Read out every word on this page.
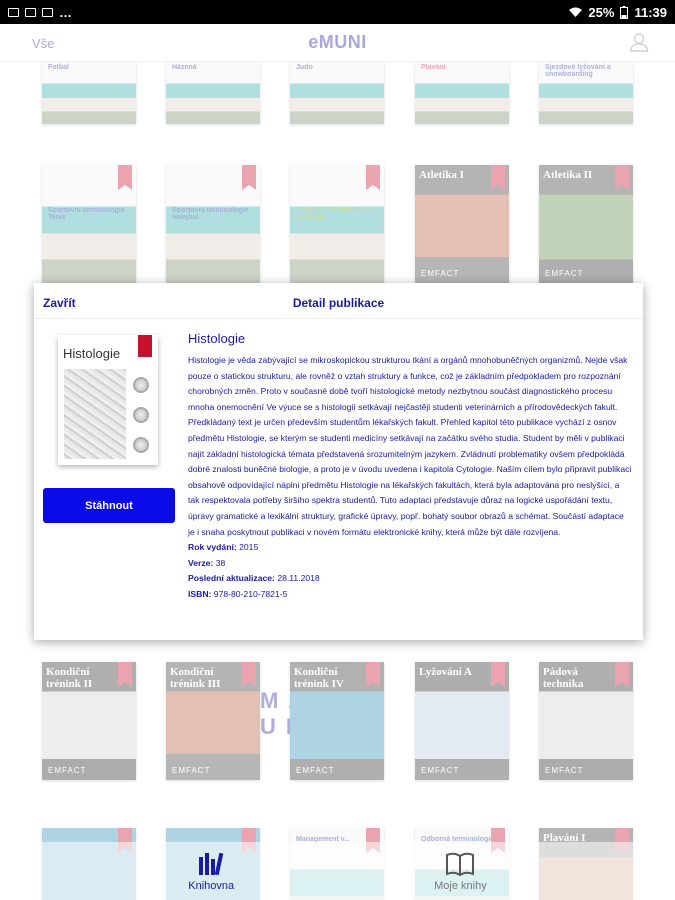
…	25% 11:39
Knihovna	Moje knihy
Detail publikace
Zavřít
Histologie
Stáhnout
Histologie
Histologie je věda zabývající se mikroskopickou strukturou tkání a orgánů mnohobuněčných organizmů. Nejde však pouze o statickou strukturu, ale rovněž o vztah struktury a funkce, což je základním předpokladem pro rozpoznání chorobných změn. Proto v současné době tvoří histologické metody nezbytnou součást diagnostického procesu mnoha onemocnění Ve výuce se s histologií setkávají nejčastěji studenti veterinárních a přírodovědeckých fakult. Předkládaný text je určen především studentům lékařských fakult. Přehled kapitol této publikace vychází z osnov předmětu Histologie, se kterým se studenti medicíny setkávají na začátku svého studia. Student by měli v publikaci najít základní histologická témata představená srozumitelným jazykem. Zvládnutí problematiky ovšem předpokládá dobré znalosti buněčné biologie, a proto je v úvodu uvedena i kapitola Cytologie. Naším cílem bylo připravit publikaci obsahově odpovídající náplni předmětu Histologie na lékařských fakultách, která byla adaptována pro neslyšící, a tak respektovala potřeby širšího spektra studentů. Tuto adaptaci představuje důraz na logické uspořádání textu, úpravy gramatické a lexikální struktury, grafické úpravy, popř. bohatý soubor obrazů a schémat. Součástí adaptace je i snaha poskytnout publikaci v novém formátu elektronické knihy, která může být dále rozvíjena.
Rok vydání: 2015
Verze: 38
Poslední aktualizace: 28.11.2018
ISBN: 978-80-210-7821-5
